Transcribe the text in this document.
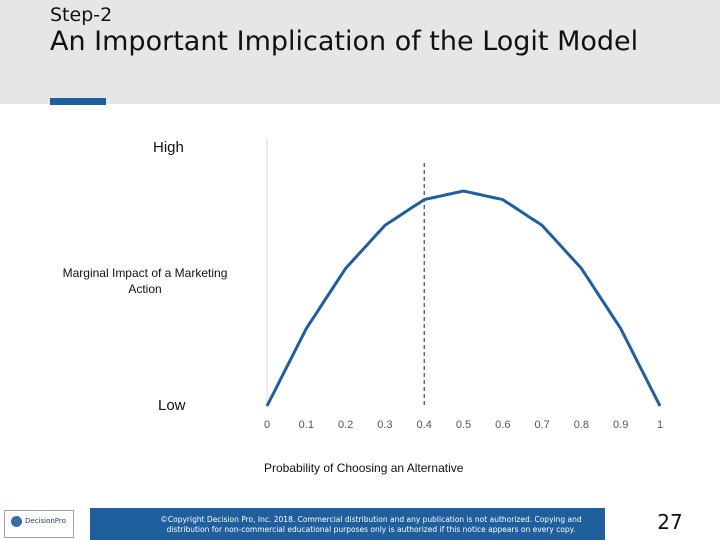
Step-2
An Important Implication of the Logit Model
High
Marginal Impact of a Marketing Action
Low
0	0.1 0.2 0.3 0.4 0.5 0.6 0.7 0.8 0.9	1
Probability of Choosing an Alternative
DecisionPro	©Copyright Decision Pro, Inc. 2018. Commercial distribution and any publication is not authorized. Copying and distribution for non-commercial educational purposes only is authorized if this notice appears on every copy.	27
